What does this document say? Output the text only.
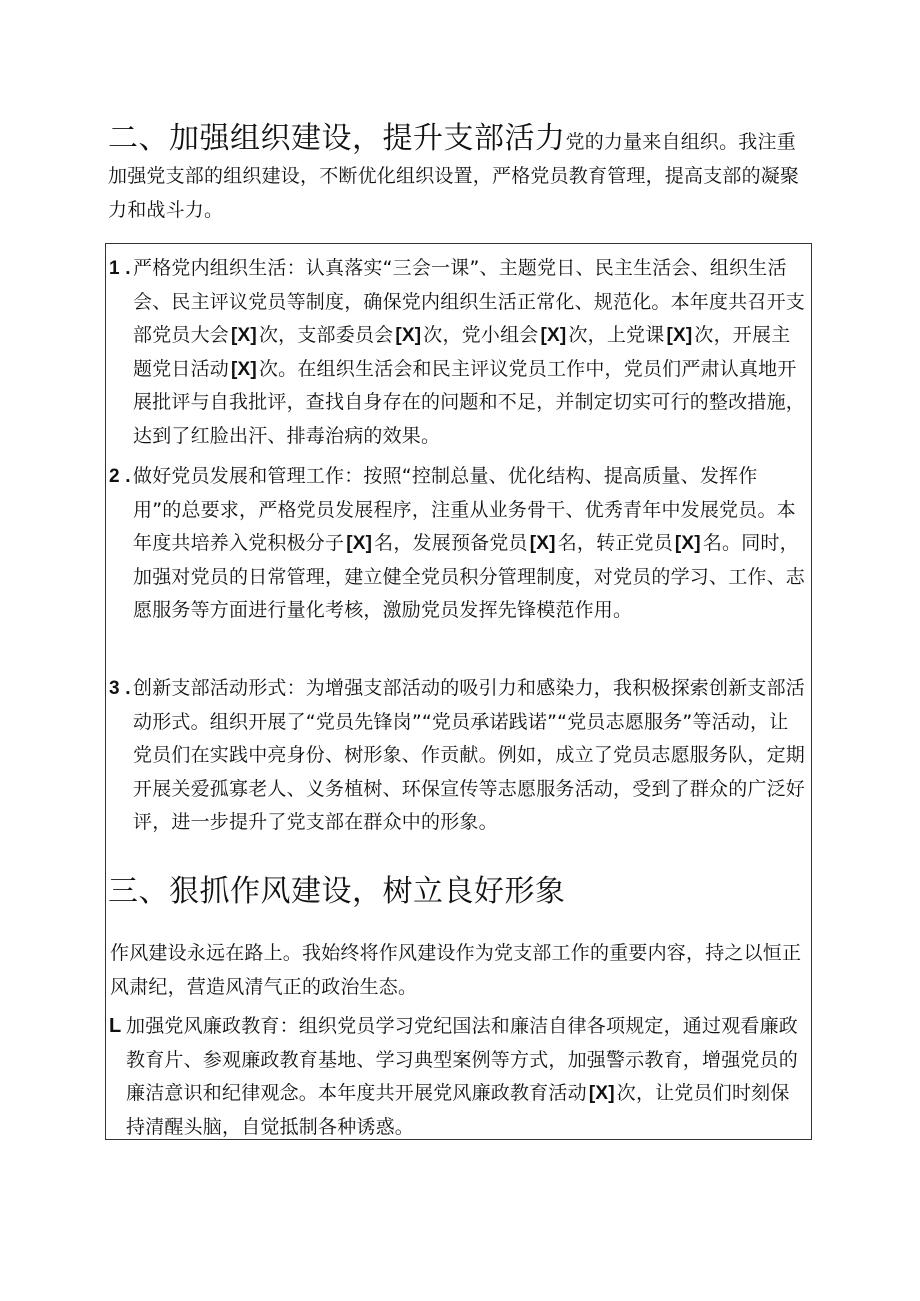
二、加强组织建设，提升支部活力党的力量来自组织。我注重加强党支部的组织建设，不断优化组织设置，严格党员教育管理，提高支部的凝聚力和战斗力。
1 . 严格党内组织生活：认真落实“三会一课”、主题党日、民主生活会、组织生活会、民主评议党员等制度，确保党内组织生活正常化、规范化。本年度共召开支部党员大会 [X] 次，支部委员会 [X] 次，党小组会 [X] 次，上党课 [X] 次，开展主题党日活动 [X] 次。在组织生活会和民主评议党员工作中，党员们严肃认真地开展批评与自我批评，查找自身存在的问题和不足，并制定切实可行的整改措施，达到了红脸出汗、排毒治病的效果。
2 . 做好党员发展和管理工作：按照“控制总量、优化结构、提高质量、发挥作用”的总要求，严格党员发展程序，注重从业务骨干、优秀青年中发展党员。本年度共培养入党积极分子 [X] 名，发展预备党员 [X] 名，转正党员 [X] 名。同时，加强对党员的日常管理，建立健全党员积分管理制度，对党员的学习、工作、志愿服务等方面进行量化考核，激励党员发挥先锋模范作用。
3 . 创新支部活动形式：为增强支部活动的吸引力和感染力，我积极探索创新支部活动形式。组织开展了“党员先锋岗”“党员承诺践诺”“党员志愿服务”等活动，让党员们在实践中亮身份、树形象、作贡献。例如，成立了党员志愿服务队，定期开展关爱孤寡老人、义务植树、环保宣传等志愿服务活动，受到了群众的广泛好评，进一步提升了党支部在群众中的形象。
三、狠抓作风建设，树立良好形象
作风建设永远在路上。我始终将作风建设作为党支部工作的重要内容，持之以恒正风肃纪，营造风清气正的政治生态。
L 加强党风廉政教育：组织党员学习党纪国法和廉洁自律各项规定，通过观看廉政教育片、参观廉政教育基地、学习典型案例等方式，加强警示教育，增强党员的廉洁意识和纪律观念。本年度共开展党风廉政教育活动 [X] 次，让党员们时刻保持清醒头脑，自觉抵制各种诱惑。
